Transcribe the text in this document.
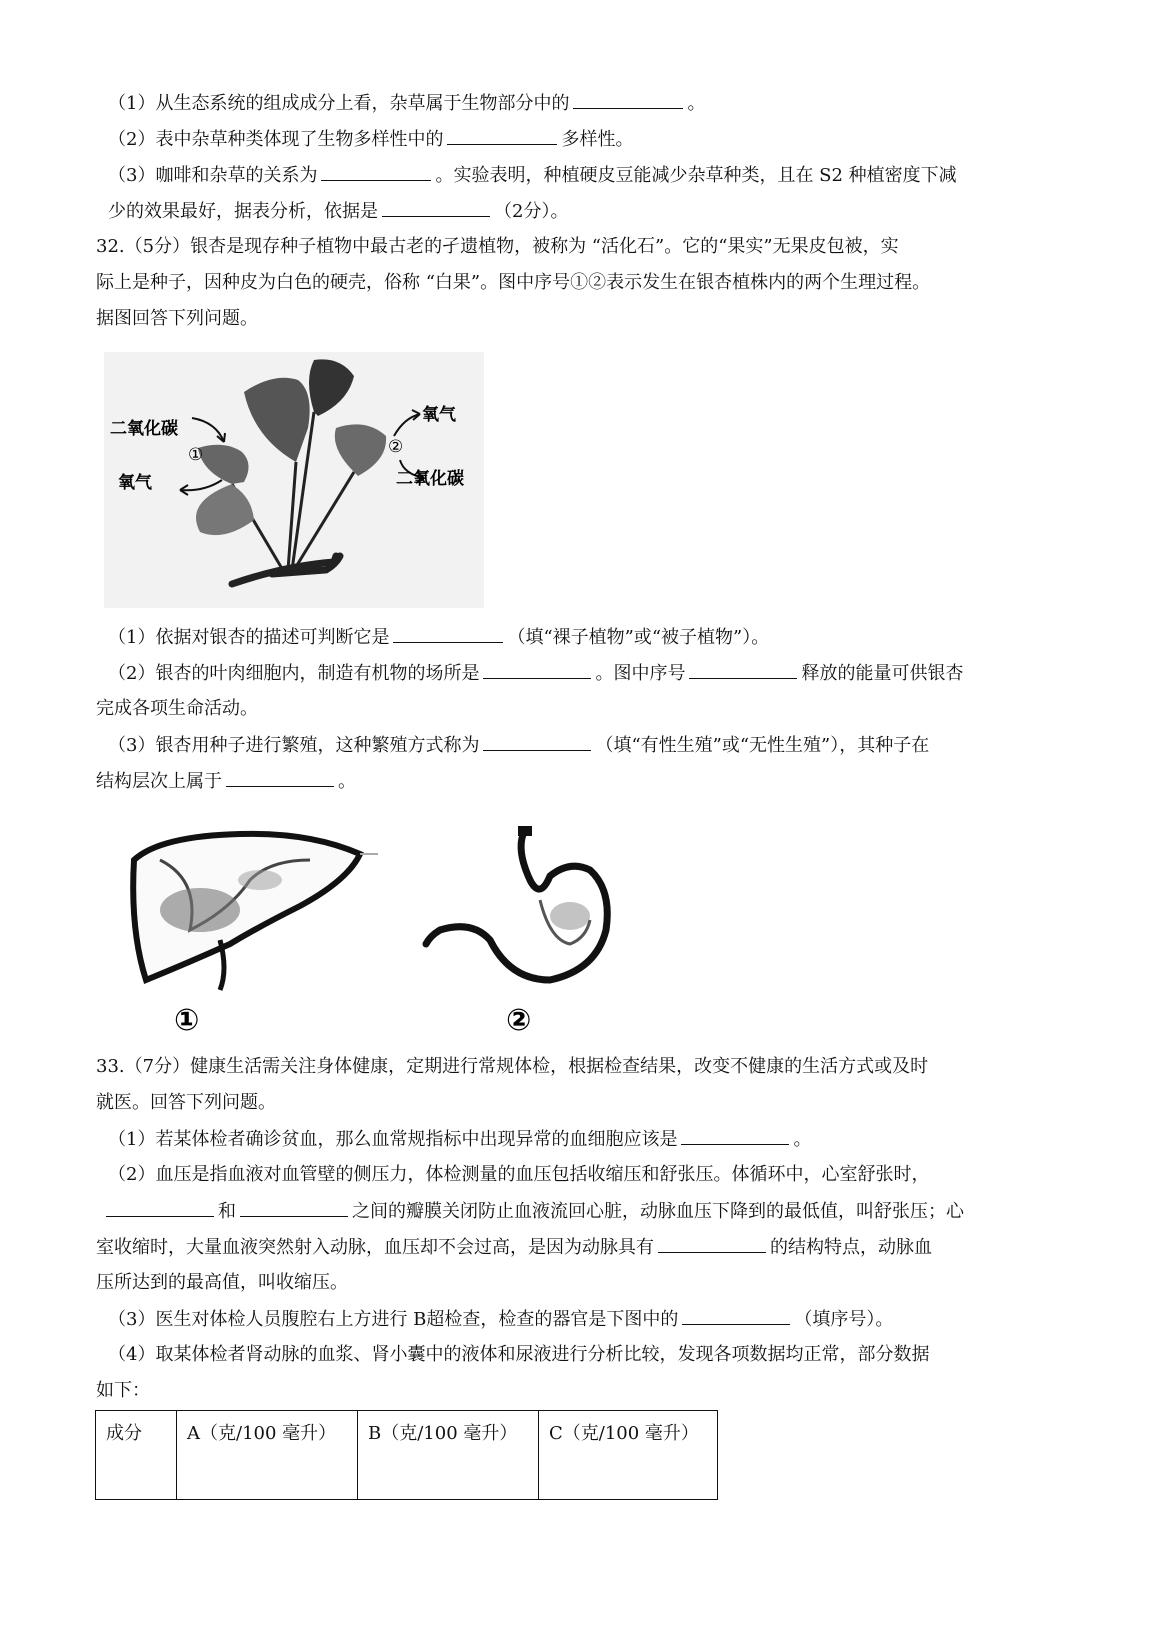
（1）从生态系统的组成成分上看，杂草属于生物部分中的	。
（2）表中杂草种类体现了生物多样性中的	多样性。
（3）咖啡和杂草的关系为	。实验表明，种植硬皮豆能减少杂草种类，且在 S2 种植密度下减
少的效果最好，据表分析，依据是	（2分）。
32.（5分）银杏是现存种子植物中最古老的孑遗植物，被称为 “活化石”。它的“果实”无果皮包被，实
际上是种子，因种皮为白色的硬壳，俗称 “白果”。图中序号①②表示发生在银杏植株内的两个生理过程。
据图回答下列问题。
二氧化碳
①
氧气
氧气
②
二氧化碳
（1）依据对银杏的描述可判断它是	（填“裸子植物”或“被子植物”）。
（2）银杏的叶肉细胞内，制造有机物的场所是	。图中序号	释放的能量可供银杏
完成各项生命活动。
（3）银杏用种子进行繁殖，这种繁殖方式称为	（填“有性生殖”或“无性生殖”），其种子在
结构层次上属于	。
①	②
33.（7分）健康生活需关注身体健康，定期进行常规体检，根据检查结果，改变不健康的生活方式或及时
就医。回答下列问题。
（1）若某体检者确诊贫血，那么血常规指标中出现异常的血细胞应该是	。
（2）血压是指血液对血管壁的侧压力，体检测量的血压包括收缩压和舒张压。体循环中，心室舒张时，
和	之间的瓣膜关闭防止血液流回心脏，动脉血压下降到的最低值，叫舒张压；心
室收缩时，大量血液突然射入动脉，血压却不会过高，是因为动脉具有	的结构特点，动脉血
压所达到的最高值，叫收缩压。
（3）医生对体检人员腹腔右上方进行 B超检查，检查的器官是下图中的	（填序号）。
（4）取某体检者肾动脉的血浆、肾小囊中的液体和尿液进行分析比较，发现各项数据均正常，部分数据
如下：
成分	A（克/100 毫升）	B（克/100 毫升）	C（克/100 毫升）
